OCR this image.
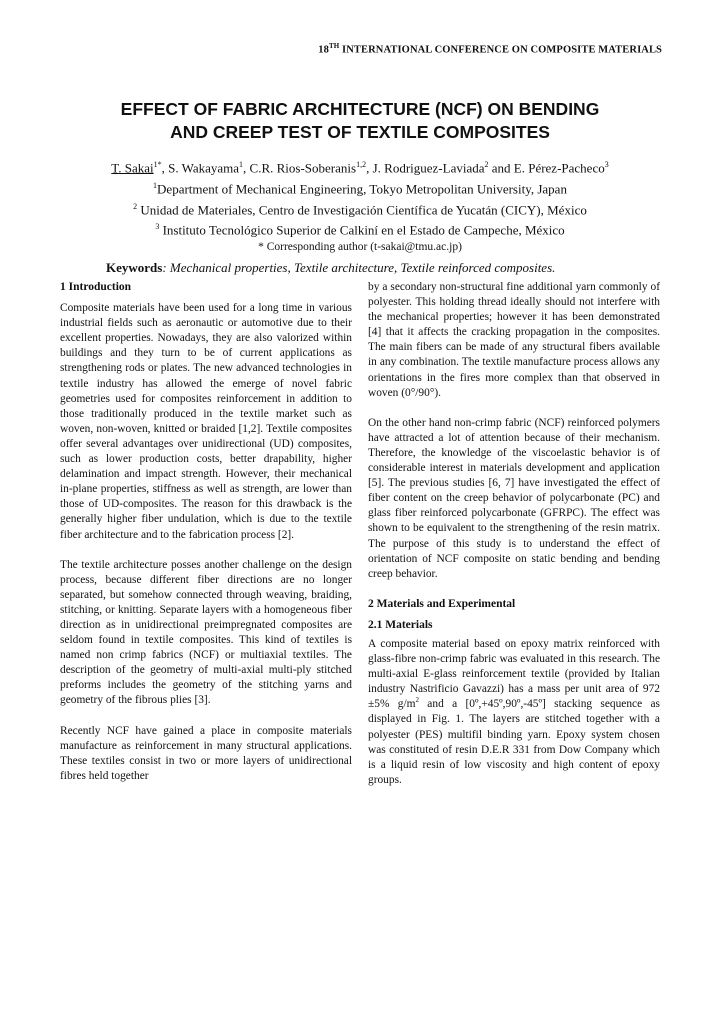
18TH INTERNATIONAL CONFERENCE ON COMPOSITE MATERIALS
EFFECT OF FABRIC ARCHITECTURE (NCF) ON BENDING
AND CREEP TEST OF TEXTILE COMPOSITES
T. Sakai$^{1*}$, S. Wakayama$^1$, C.R. Rios-Soberanis$^{1,2}$, J. Rodriguez-Laviada$^2$ and E. Pérez-Pacheco$^3$
$^1$Department of Mechanical Engineering, Tokyo Metropolitan University, Japan
$^2$ Unidad de Materiales, Centro de Investigación Científica de Yucatán (CICY), México
$^3$ Instituto Tecnológico Superior de Calkiní en el Estado de Campeche, México
* Corresponding author (t-sakai@tmu.ac.jp)
Keywords: Mechanical properties, Textile architecture, Textile reinforced composites.
1 Introduction

Composite materials have been used for a long time in various industrial fields such as aeronautic or automotive due to their excellent properties. Nowadays, they are also valorized within buildings and they turn to be of current applications as strengthening rods or plates. The new advanced technologies in textile industry has allowed the emerge of novel fabric geometries used for composites reinforcement in addition to those traditionally produced in the textile market such as woven, non-woven, knitted or braided [1,2]. Textile composites offer several advantages over unidirectional (UD) composites, such as lower production costs, better drapability, higher delamination and impact strength. However, their mechanical in-plane properties, stiffness as well as strength, are lower than those of UD-composites. The reason for this drawback is the generally higher fiber undulation, which is due to the textile fiber architecture and to the fabrication process [2].

The textile architecture posses another challenge on the design process, because different fiber directions are no longer separated, but somehow connected through weaving, braiding, stitching, or knitting. Separate layers with a homogeneous fiber direction as in unidirectional preimpregnated composites are seldom found in textile composites. This kind of textiles is named non crimp fabrics (NCF) or multiaxial textiles. The description of the geometry of multi-axial multi-ply stitched preforms includes the geometry of the stitching yarns and geometry of the fibrous plies [3].

Recently NCF have gained a place in composite materials manufacture as reinforcement in many structural applications. These textiles consist in two or more layers of unidirectional fibres held together

by a secondary non-structural fine additional yarn commonly of polyester. This holding thread ideally should not interfere with the mechanical properties; however it has been demonstrated [4] that it affects the cracking propagation in the composites. The main fibers can be made of any structural fibers available in any combination. The textile manufacture process allows any orientations in the fires more complex than that observed in woven (0°/90°).

On the other hand non-crimp fabric (NCF) reinforced polymers have attracted a lot of attention because of their mechanism. Therefore, the knowledge of the viscoelastic behavior is of considerable interest in materials development and application [5]. The previous studies [6, 7] have investigated the effect of fiber content on the creep behavior of polycarbonate (PC) and glass fiber reinforced polycarbonate (GFRPC). The effect was shown to be equivalent to the strengthening of the resin matrix. The purpose of this study is to understand the effect of orientation of NCF composite on static bending and bending creep behavior.

2 Materials and Experimental
2.1 Materials

A composite material based on epoxy matrix reinforced with glass-fibre non-crimp fabric was evaluated in this research. The multi-axial E-glass reinforcement textile (provided by Italian industry Nastrificio Gavazzi) has a mass per unit area of 972 ±5% $g/m^2$ and a [0º,+45º,90º,-45º] stacking sequence as displayed in Fig. 1. The layers are stitched together with a polyester (PES) multifil binding yarn. Epoxy system chosen was constituted of resin D.E.R 331 from Dow Company which is a liquid resin of low viscosity and high content of epoxy groups.
